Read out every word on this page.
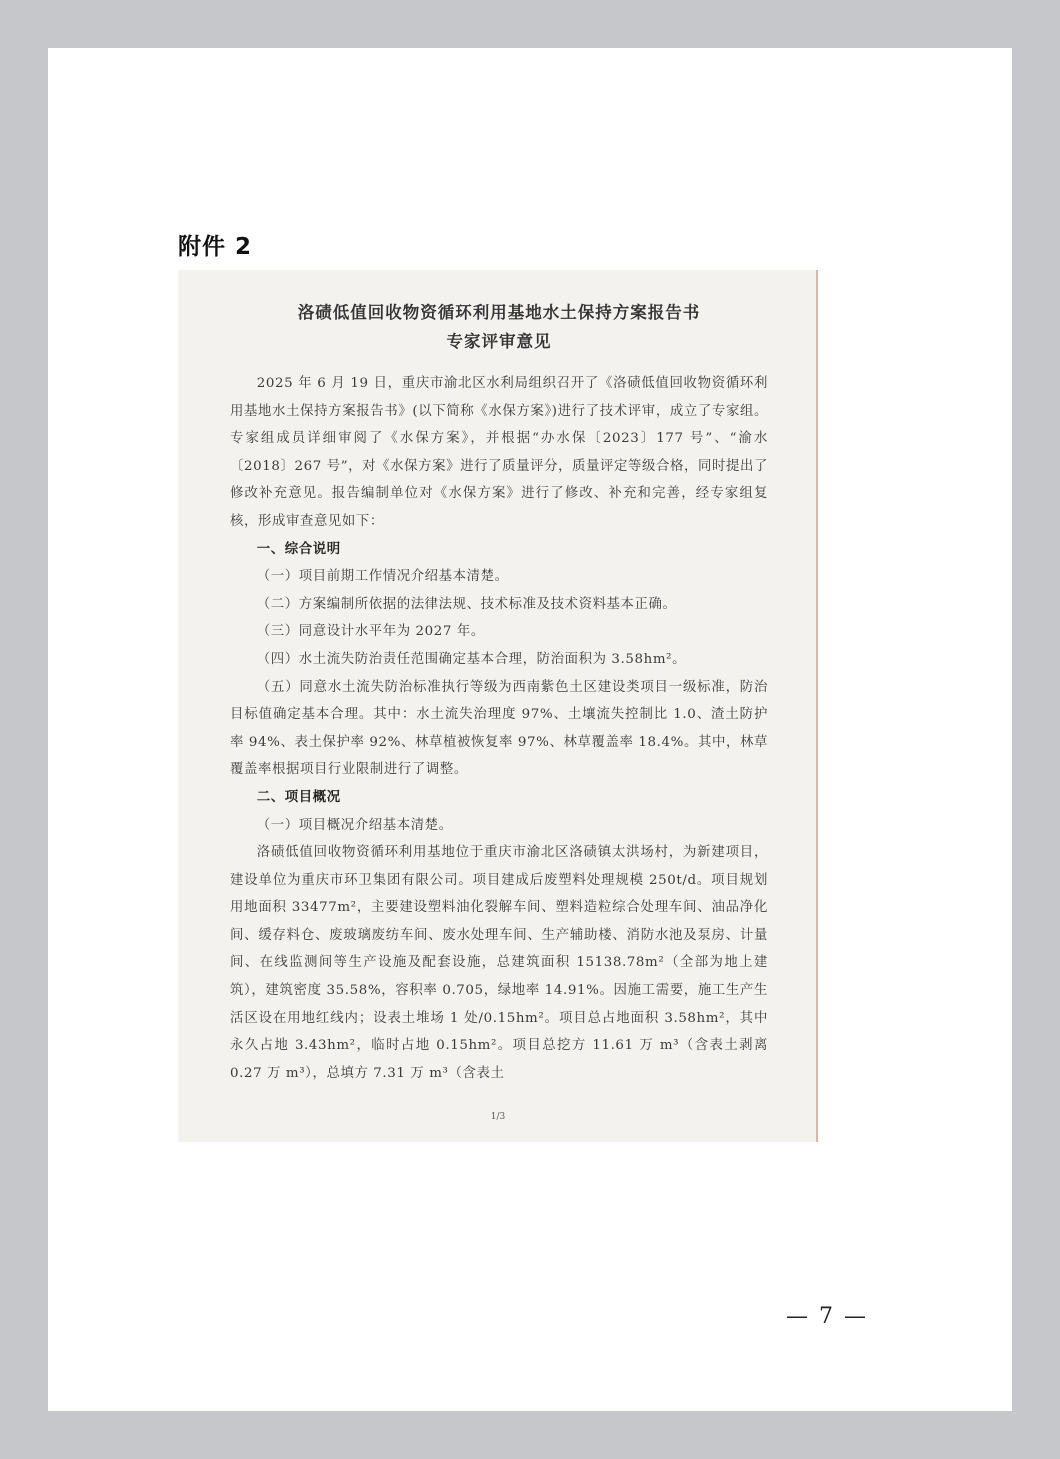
附件 2
洛碛低值回收物资循环利用基地水土保持方案报告书
专家评审意见

2025 年 6 月 19 日，重庆市渝北区水利局组织召开了《洛碛低值回收物资循环利用基地水土保持方案报告书》(以下简称《水保方案》)进行了技术评审，成立了专家组。专家组成员详细审阅了《水保方案》，并根据“办水保〔2023〕177 号”、“渝水〔2018〕267 号”，对《水保方案》进行了质量评分，质量评定等级合格，同时提出了修改补充意见。报告编制单位对《水保方案》进行了修改、补充和完善，经专家组复核，形成审查意见如下：

一、综合说明

（一）项目前期工作情况介绍基本清楚。

（二）方案编制所依据的法律法规、技术标准及技术资料基本正确。

（三）同意设计水平年为 2027 年。

（四）水土流失防治责任范围确定基本合理，防治面积为 3.58hm²。

（五）同意水土流失防治标准执行等级为西南紫色土区建设类项目一级标准，防治目标值确定基本合理。其中：水土流失治理度 97%、土壤流失控制比 1.0、渣土防护率 94%、表土保护率 92%、林草植被恢复率 97%、林草覆盖率 18.4%。其中，林草覆盖率根据项目行业限制进行了调整。

二、项目概况

（一）项目概况介绍基本清楚。

洛碛低值回收物资循环利用基地位于重庆市渝北区洛碛镇太洪场村，为新建项目，建设单位为重庆市环卫集团有限公司。项目建成后废塑料处理规模 250t/d。项目规划用地面积 33477m²，主要建设塑料油化裂解车间、塑料造粒综合处理车间、油品净化间、缓存料仓、废玻璃废纺车间、废水处理车间、生产辅助楼、消防水池及泵房、计量间、在线监测间等生产设施及配套设施，总建筑面积 15138.78m²（全部为地上建筑），建筑密度 35.58%，容积率 0.705，绿地率 14.91%。因施工需要，施工生产生活区设在用地红线内；设表土堆场 1 处/0.15hm²。项目总占地面积 3.58hm²，其中永久占地 3.43hm²，临时占地 0.15hm²。项目总挖方 11.61 万 m³（含表土剥离 0.27 万 m³），总填方 7.31 万 m³（含表土

1/3
— 7 —
